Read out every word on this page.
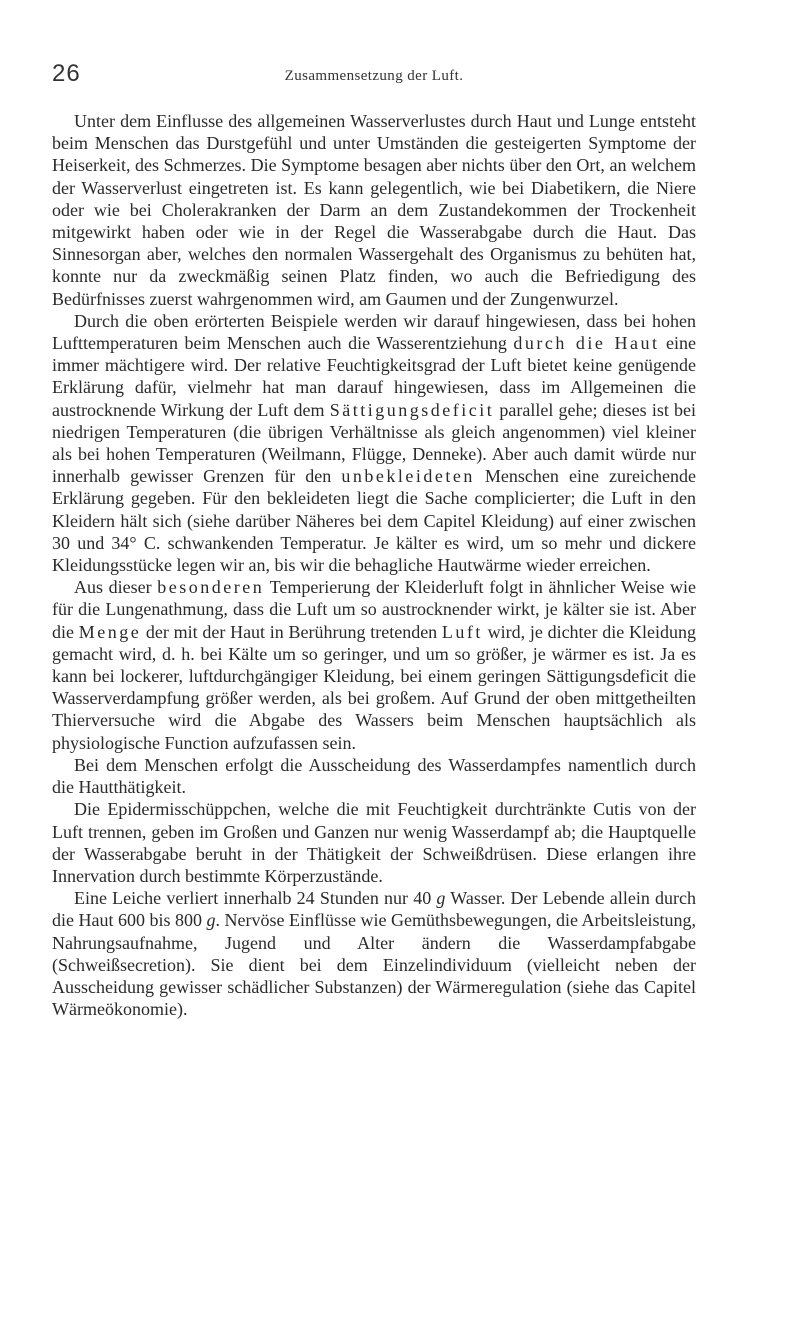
26	Zusammensetzung der Luft.

Unter dem Einflusse des allgemeinen Wasserverlustes durch Haut und Lunge entsteht beim Menschen das Durstgefühl und unter Umständen die gesteigerten Symptome der Heiserkeit, des Schmerzes. Die Symptome besagen aber nichts über den Ort, an welchem der Wasserverlust eingetreten ist. Es kann gelegentlich, wie bei Diabetikern, die Niere oder wie bei Cholerakranken der Darm an dem Zustandekommen der Trockenheit mitgewirkt haben oder wie in der Regel die Wasserabgabe durch die Haut. Das Sinnesorgan aber, welches den normalen Wassergehalt des Organismus zu behüten hat, konnte nur da zweckmäßig seinen Platz finden, wo auch die Befriedigung des Bedürfnisses zuerst wahrgenommen wird, am Gaumen und der Zungenwurzel.

Durch die oben erörterten Beispiele werden wir darauf hingewiesen, dass bei hohen Lufttemperaturen beim Menschen auch die Wasserentziehung durch die Haut eine immer mächtigere wird. Der relative Feuchtigkeitsgrad der Luft bietet keine genügende Erklärung dafür, vielmehr hat man darauf hingewiesen, dass im Allgemeinen die austrocknende Wirkung der Luft dem Sättigungsdeficit parallel gehe; dieses ist bei niedrigen Temperaturen (die übrigen Verhältnisse als gleich angenommen) viel kleiner als bei hohen Temperaturen (Weilmann, Flügge, Denneke). Aber auch damit würde nur innerhalb gewisser Grenzen für den unbekleideten Menschen eine zureichende Erklärung gegeben. Für den bekleideten liegt die Sache complicierter; die Luft in den Kleidern hält sich (siehe darüber Näheres bei dem Capitel Kleidung) auf einer zwischen 30 und 34° C. schwankenden Temperatur. Je kälter es wird, um so mehr und dickere Kleidungsstücke legen wir an, bis wir die behagliche Hautwärme wieder erreichen.

Aus dieser besonderen Temperierung der Kleiderluft folgt in ähnlicher Weise wie für die Lungenathmung, dass die Luft um so austrocknender wirkt, je kälter sie ist. Aber die Menge der mit der Haut in Berührung tretenden Luft wird, je dichter die Kleidung gemacht wird, d. h. bei Kälte um so geringer, und um so größer, je wärmer es ist. Ja es kann bei lockerer, luftdurchgängiger Kleidung, bei einem geringen Sättigungsdeficit die Wasserverdampfung größer werden, als bei großem. Auf Grund der oben mittgetheilten Thierversuche wird die Abgabe des Wassers beim Menschen hauptsächlich als physiologische Function aufzufassen sein.

Bei dem Menschen erfolgt die Ausscheidung des Wasserdampfes namentlich durch die Hautthätigkeit.

Die Epidermisschüppchen, welche die mit Feuchtigkeit durchtränkte Cutis von der Luft trennen, geben im Großen und Ganzen nur wenig Wasserdampf ab; die Hauptquelle der Wasserabgabe beruht in der Thätigkeit der Schweißdrüsen. Diese erlangen ihre Innervation durch bestimmte Körperzustände.

Eine Leiche verliert innerhalb 24 Stunden nur 40 g Wasser. Der Lebende allein durch die Haut 600 bis 800 g. Nervöse Einflüsse wie Gemüthsbewegungen, die Arbeitsleistung, Nahrungsaufnahme, Jugend und Alter ändern die Wasserdampfabgabe (Schweißsecretion). Sie dient bei dem Einzelindividuum (vielleicht neben der Ausscheidung gewisser schädlicher Substanzen) der Wärmeregulation (siehe das Capitel Wärmeökonomie).
